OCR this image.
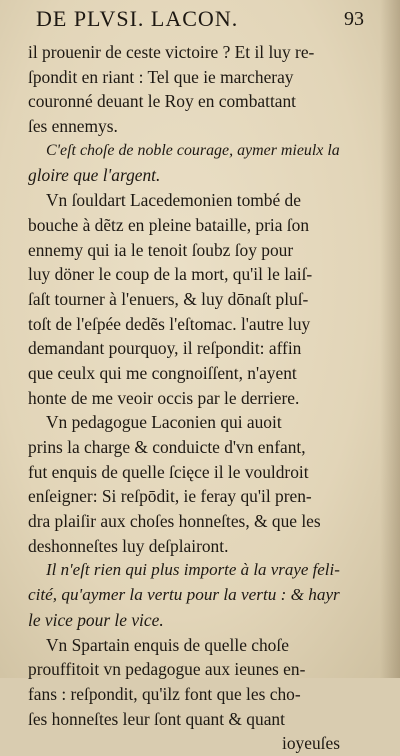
DE PLVSI. LACON.	93
il prouenir de ceste victoire ? Et il luy re-
ſpondit en riant : Tel que ie marcheray
couronné deuant le Roy en combattant
ſes ennemys.
C'eſt choſe de noble courage, aymer mieulx la
gloire que l'argent.
Vn ſouldart Lacedemonien tombé de
bouche à dẽtz en pleine bataille, pria ſon
ennemy qui ia le tenoit ſoubz ſoy pour
luy döner le coup de la mort, qu'il le laiſ-
ſaſt tourner à l'enuers, & luy dōnaſt pluſ-
toſt de l'eſpée dedẽs l'eſtomac. l'autre luy
demandant pourquoy, il reſpondit: affin
que ceulx qui me congnoiſſent, n'ayent
honte de me veoir occis par le derriere.
Vn pedagogue Laconien qui auoit
prins la charge & conduicte d'vn enfant,
fut enquis de quelle ſcięce il le vouldroit
enſeigner: Si reſpōdit, ie feray qu'il pren-
dra plaiſir aux choſes honneſtes, & que les
deshonneſtes luy deſplairont.
Il n'eſt rien qui plus importe à la vraye feli-
cité, qu'aymer la vertu pour la vertu : & hayr
le vice pour le vice.
Vn Spartain enquis de quelle choſe
prouffitoit vn pedagogue aux ieunes en-
fans : reſpondit, qu'ilz font que les cho-
ſes honneſtes leur ſont quant & quant
ioyeuſes
